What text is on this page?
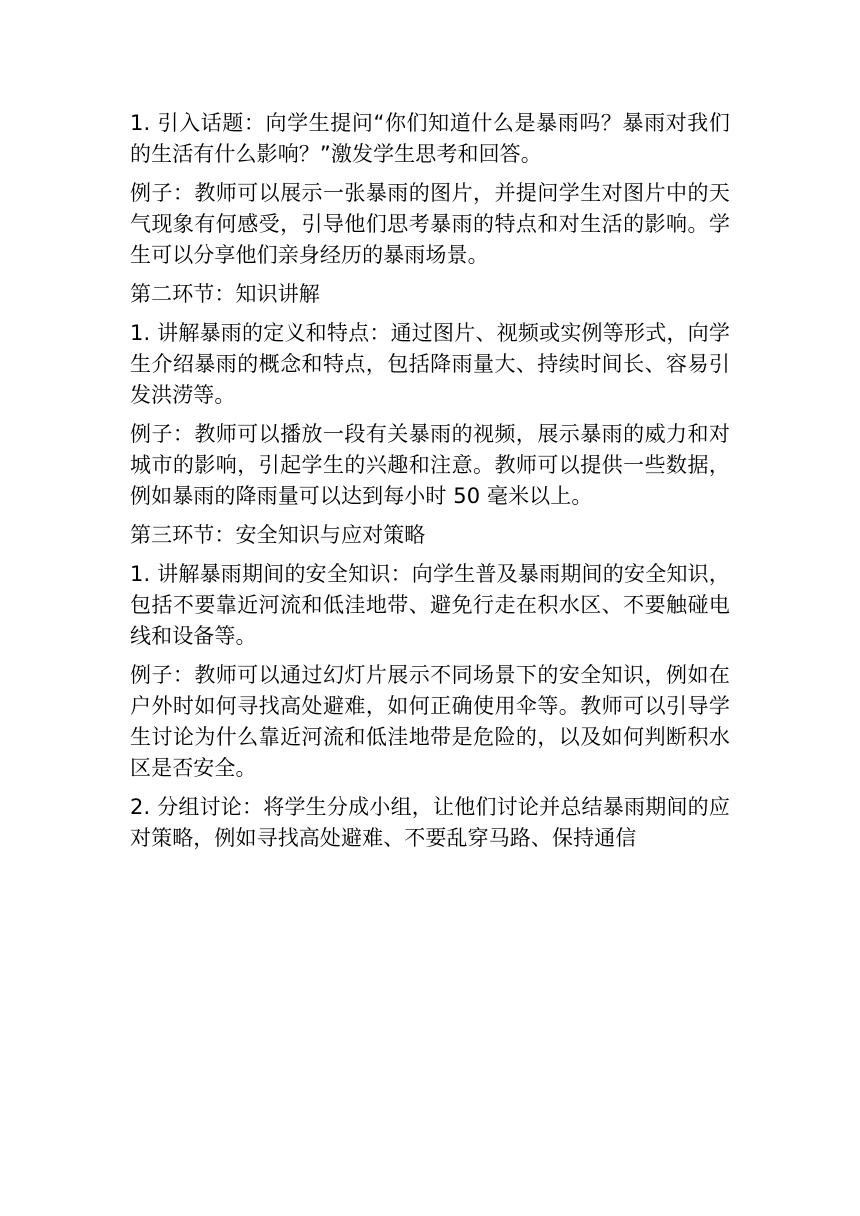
1. 引入话题：向学生提问“你们知道什么是暴雨吗？暴雨对我们的生活有什么影响？”激发学生思考和回答。

例子：教师可以展示一张暴雨的图片，并提问学生对图片中的天气现象有何感受，引导他们思考暴雨的特点和对生活的影响。学生可以分享他们亲身经历的暴雨场景。

第二环节：知识讲解

1. 讲解暴雨的定义和特点：通过图片、视频或实例等形式，向学生介绍暴雨的概念和特点，包括降雨量大、持续时间长、容易引发洪涝等。

例子：教师可以播放一段有关暴雨的视频，展示暴雨的威力和对城市的影响，引起学生的兴趣和注意。教师可以提供一些数据，例如暴雨的降雨量可以达到每小时 50 毫米以上。

第三环节：安全知识与应对策略

1. 讲解暴雨期间的安全知识：向学生普及暴雨期间的安全知识，包括不要靠近河流和低洼地带、避免行走在积水区、不要触碰电线和设备等。

例子：教师可以通过幻灯片展示不同场景下的安全知识，例如在户外时如何寻找高处避难，如何正确使用伞等。教师可以引导学生讨论为什么靠近河流和低洼地带是危险的，以及如何判断积水区是否安全。

2. 分组讨论：将学生分成小组，让他们讨论并总结暴雨期间的应对策略，例如寻找高处避难、不要乱穿马路、保持通信
